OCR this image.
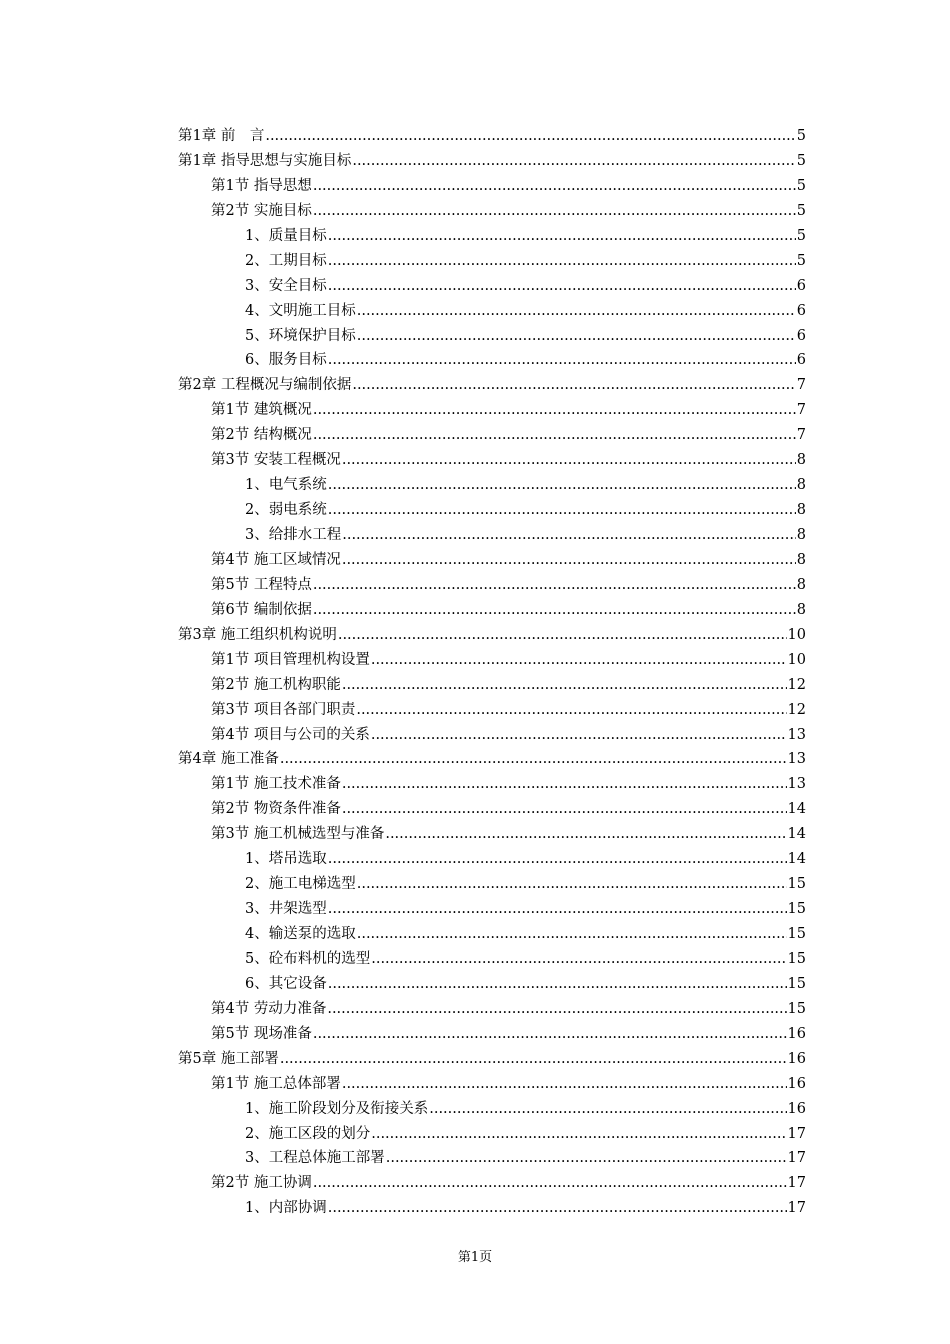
第1章 前　言 .....	5
第1章 指导思想与实施目标 .....	5
第1节 指导思想 .....	5
第2节 实施目标 .....	5
1、 质量目标 .....	5
2、 工期目标 .....	5
3、 安全目标 .....	6
4、 文明施工目标 .....	6
5、 环境保护目标 .....	6
6、 服务目标 .....	6
第2章 工程概况与编制依据 .....	7
第1节 建筑概况 .....	7
第2节 结构概况 .....	7
第3节 安装工程概况 .....	8
1、 电气系统 .....	8
2、 弱电系统 .....	8
3、 给排水工程 .....	8
第4节 施工区域情况 .....	8
第5节 工程特点 .....	8
第6节 编制依据 .....	8
第3章 施工组织机构说明 .....	10
第1节 项目管理机构设置 .....	10
第2节 施工机构职能 .....	12
第3节 项目各部门职责 .....	12
第4节 项目与公司的关系 .....	13
第4章 施工准备 .....	13
第1节 施工技术准备 .....	13
第2节 物资条件准备 .....	14
第3节 施工机械选型与准备 .....	14
1、 塔吊选取 .....	14
2、 施工电梯选型 .....	15
3、 井架选型 .....	15
4、 输送泵的选取 .....	15
5、 砼布料机的选型 .....	15
6、 其它设备 .....	15
第4节 劳动力准备 .....	15
第5节 现场准备 .....	16
第5章 施工部署 .....	16
第1节 施工总体部署 .....	16
1、 施工阶段划分及衔接关系 .....	16
2、 施工区段的划分 .....	17
3、 工程总体施工部署 .....	17
第2节 施工协调 .....	17
1、 内部协调 .....	17
第1页
